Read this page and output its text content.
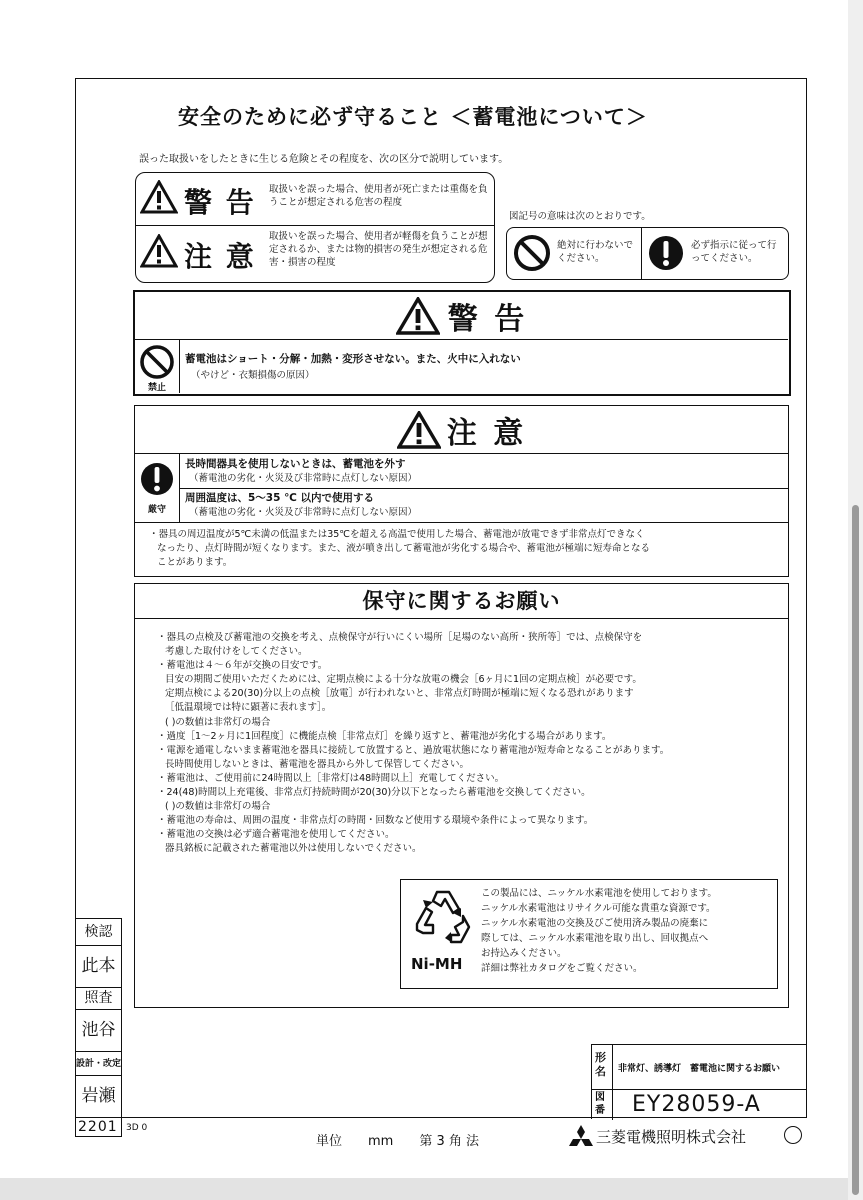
安全のために必ず守ること ＜蓄電池について＞
誤った取扱いをしたときに生じる危険とその程度を、次の区分で説明しています。
警 告 取扱いを誤った場合、使用者が死亡または重傷を負うことが想定される危害の程度
注 意
取扱いを誤った場合、使用者が軽傷を負うことが想定されるか、または物的損害の発生が想定される危害・損害の程度
図記号の意味は次のとおりです。
絶対に行わないでください。
必ず指示に従って行ってください。
警 告
禁止
蓄電池はショート・分解・加熱・変形させない。また、火中に入れない
（やけど・衣類損傷の原因）
注 意
厳守
長時間器具を使用しないときは、蓄電池を外す
（蓄電池の劣化・火災及び非常時に点灯しない原因）
周囲温度は、5～35 ℃ 以内で使用する
（蓄電池の劣化・火災及び非常時に点灯しない原因）
・器具の周辺温度が5℃未満の低温または35℃を超える高温で使用した場合、蓄電池が放電できず非常点灯できなく
なったり、点灯時間が短くなります。また、液が噴き出して蓄電池が劣化する場合や、蓄電池が極端に短寿命となる
ことがあります。
保守に関するお願い
・器具の点検及び蓄電池の交換を考え、点検保守が行いにくい場所［足場のない高所・狭所等］では、点検保守を
考慮した取付けをしてください。
・蓄電池は４～６年が交換の目安です。
目安の期間ご使用いただくためには、定期点検による十分な放電の機会［6ヶ月に1回の定期点検］が必要です。
定期点検による20(30)分以上の点検［放電］が行われないと、非常点灯時間が極端に短くなる恐れがあります
［低温環境では特に顕著に表れます］。
( )の数値は非常灯の場合
・過度［1～2ヶ月に1回程度］に機能点検［非常点灯］を繰り返すと、蓄電池が劣化する場合があります。
・電源を通電しないまま蓄電池を器具に接続して放置すると、過放電状態になり蓄電池が短寿命となることがあります。
長時間使用しないときは、蓄電池を器具から外して保管してください。
・蓄電池は、ご使用前に24時間以上［非常灯は48時間以上］充電してください。
・24(48)時間以上充電後、非常点灯持続時間が20(30)分以下となったら蓄電池を交換してください。
( )の数値は非常灯の場合
・蓄電池の寿命は、周囲の温度・非常点灯の時間・回数など使用する環境や条件によって異なります。
・蓄電池の交換は必ず適合蓄電池を使用してください。
器具銘板に記載された蓄電池以外は使用しないでください。
Ni-MH
この製品には、ニッケル水素電池を使用しております。
ニッケル水素電池はリサイクル可能な貴重な資源です。
ニッケル水素電池の交換及びご使用済み製品の廃棄に
際しては、ニッケル水素電池を取り出し、回収拠点へ
お持込みください。
詳細は弊社カタログをご覧ください。
形名 非常灯、誘導灯　蓄電池に関するお願い
図番 EY28059-A
検認
此本
照査
池谷
設計・改定
岩瀬
2201 3D 0
単位　　mm　　第 3 角 法	三菱電機照明株式会社
